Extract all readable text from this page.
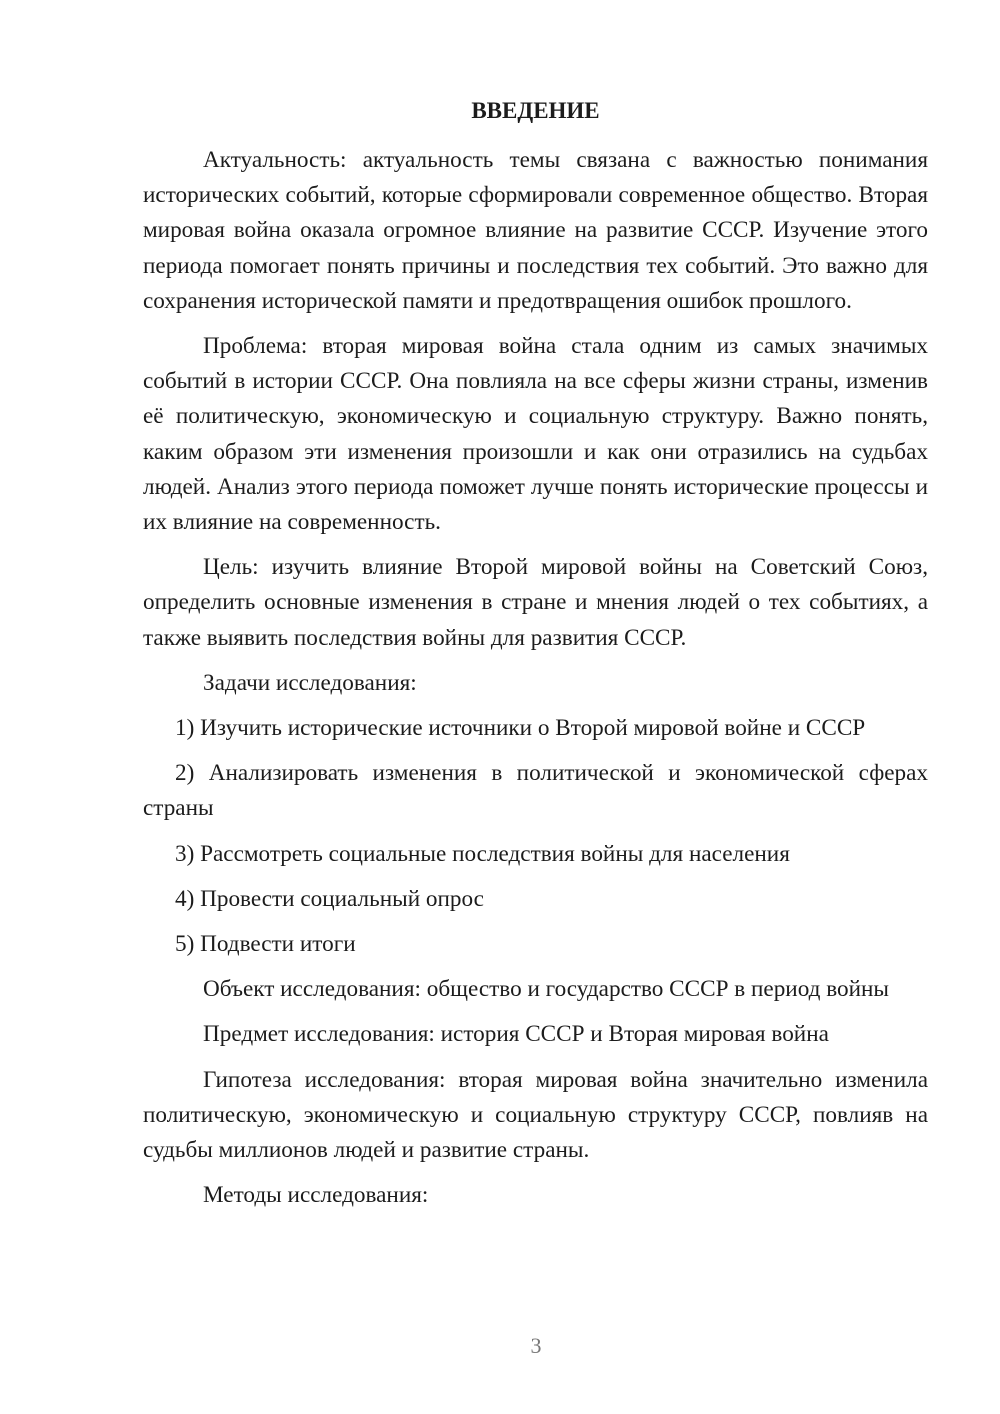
ВВЕДЕНИЕ

Актуальность: актуальность темы связана с важностью понимания исторических событий, которые сформировали современное общество. Вторая мировая война оказала огромное влияние на развитие СССР. Изучение этого периода помогает понять причины и последствия тех событий. Это важно для сохранения исторической памяти и предотвращения ошибок прошлого.

Проблема: вторая мировая война стала одним из самых значимых событий в истории СССР. Она повлияла на все сферы жизни страны, изменив её политическую, экономическую и социальную структуру. Важно понять, каким образом эти изменения произошли и как они отразились на судьбах людей. Анализ этого периода поможет лучше понять исторические процессы и их влияние на современность.

Цель: изучить влияние Второй мировой войны на Советский Союз, определить основные изменения в стране и мнения людей о тех событиях, а также выявить последствия войны для развития СССР.

Задачи исследования:

1) Изучить исторические источники о Второй мировой войне и СССР

2) Анализировать изменения в политической и экономической сферах страны

3) Рассмотреть социальные последствия войны для населения

4) Провести социальный опрос

5) Подвести итоги

Объект исследования: общество и государство СССР в период войны

Предмет исследования: история СССР и Вторая мировая война

Гипотеза исследования: вторая мировая война значительно изменила политическую, экономическую и социальную структуру СССР, повлияв на судьбы миллионов людей и развитие страны.

Методы исследования:

3
